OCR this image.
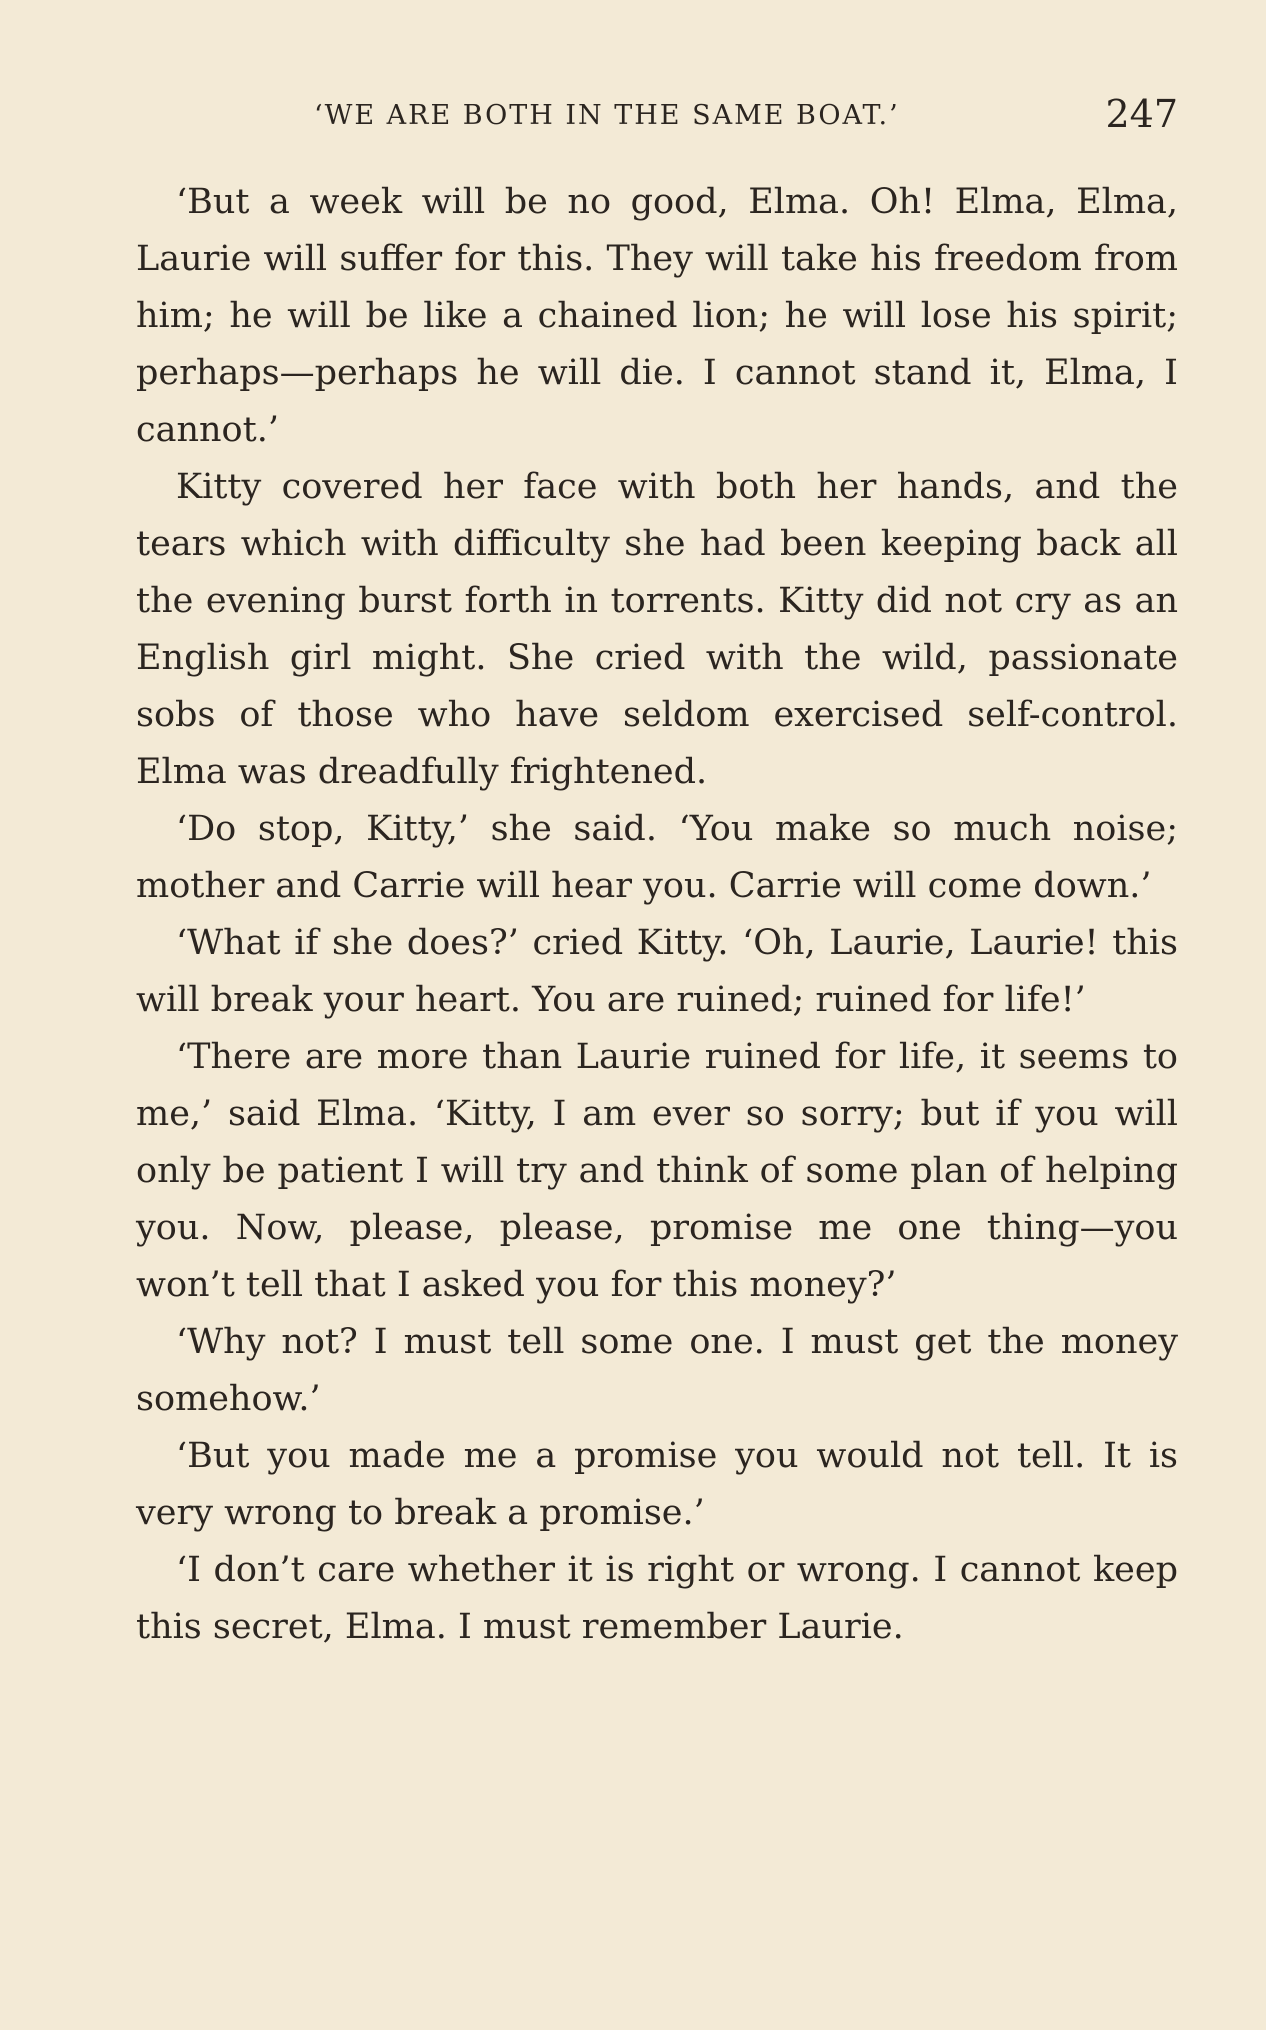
‘WE ARE BOTH IN THE SAME BOAT.’	247

‘But a week will be no good, Elma. Oh! Elma, Elma, Laurie will suffer for this. They will take his freedom from him; he will be like a chained lion; he will lose his spirit; perhaps—perhaps he will die. I cannot stand it, Elma, I cannot.’

Kitty covered her face with both her hands, and the tears which with difficulty she had been keeping back all the evening burst forth in torrents. Kitty did not cry as an English girl might. She cried with the wild, passionate sobs of those who have seldom exercised self-control. Elma was dreadfully frightened.

‘Do stop, Kitty,’ she said. ‘You make so much noise; mother and Carrie will hear you. Carrie will come down.’

‘What if she does?’ cried Kitty. ‘Oh, Laurie, Laurie! this will break your heart. You are ruined; ruined for life!’

‘There are more than Laurie ruined for life, it seems to me,’ said Elma. ‘Kitty, I am ever so sorry; but if you will only be patient I will try and think of some plan of helping you. Now, please, please, promise me one thing—you won’t tell that I asked you for this money?’

‘Why not? I must tell some one. I must get the money somehow.’

‘But you made me a promise you would not tell. It is very wrong to break a promise.’

‘I don’t care whether it is right or wrong. I cannot keep this secret, Elma. I must remember Laurie.
